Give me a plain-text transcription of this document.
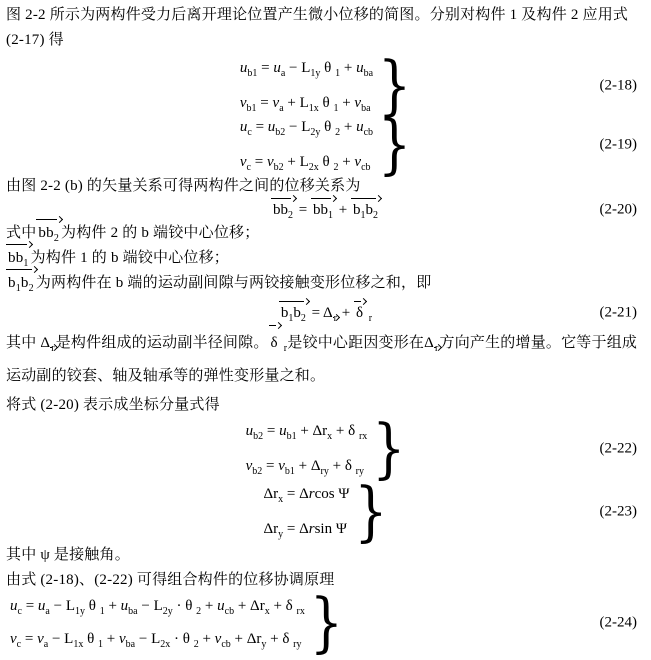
图 2-2 所示为两构件受力后离开理论位置产生微小位移的简图。分别对构件 1 及构件 2 应用式 (2-17) 得

$u_{b1} = u_a - L_{1y}$ θ $_1 + u_{ba}$
$v_{b1} = v_a + L_{1x}$ θ $_1 + v_{ba}$ }	(2-18)
$u_c = u_{b2} - L_{2y}$ θ $_2 + u_{cb}$
$v_c = v_{b2} + L_{2x}$ θ $_2 + v_{cb}$ }	(2-19)

由图 2-2 (b) 的矢量关系可得两构件之间的位移关系为

$bb_2 = bb_1 + b_1b_2$	(2-20)

式中 $bb_2$ 为构件 2 的 b 端铰中心位移；

$bb_1$ 为构件 1 的 b 端铰中心位移；

$b_1b_2$ 为两构件在 b 端的运动副间隙与两铰接触变形位移之和，即

$b_1b_2 = \Delta_r + \delta$ $_r$	(2-21)

其中 $\Delta_r$是构件组成的运动副半径间隙。 δ $_r$是铰中心距因变形在$\Delta_r$方向产生的增量。它等于组成运动副的铰套、轴及轴承等的弹性变形量之和。

将式 (2-20) 表示成坐标分量式得

$u_{b2} = u_{b1} + \Delta r_x + \delta$ $_{rx}$
$v_{b2} = v_{b1} + \Delta_{ry} + \delta$ $_{ry}$ }	(2-22)
$\Delta r_x = \Delta rcos$ Ψ
$\Delta r_y = \Delta rsin$ Ψ }	(2-23)

其中 ψ 是接触角。

由式 (2-18)、(2-22) 可得组合构件的位移协调原理

$u_c = u_a - L_{1y}$ θ $_1 + u_{ba} - L_{2y} \cdot \theta$ $_2 + u_{cb} + \Delta r_x + \delta$ $_{rx}$
$v_c = v_a - L_{1x}$ θ $_1 + v_{ba} - L_{2x} \cdot \theta$ $_2 + v_{cb} + \Delta r_y + \delta$ $_{ry}$ }	(2-24)
